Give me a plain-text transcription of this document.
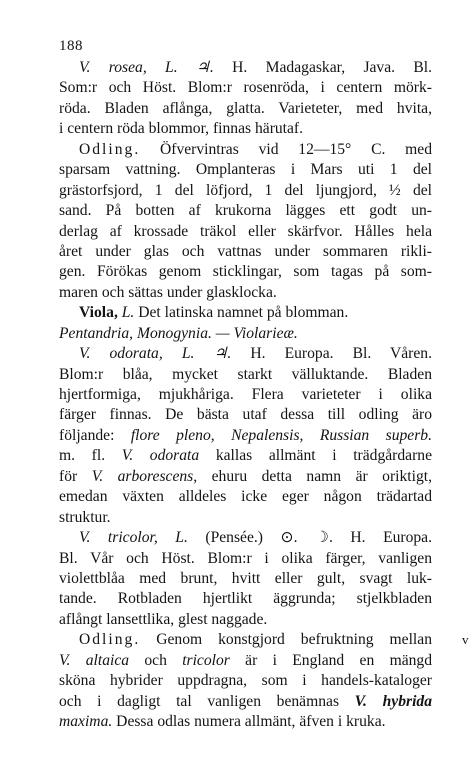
188
v
V. rosea, L. ♃. H. Madagaskar, Java. Bl.
Som:r och Höst. Blom:r rosenröda, i centern mörk-
röda. Bladen aflånga, glatta. Varieteter, med hvita,
i centern röda blommor, finnas härutaf.
Odling. Öfvervintras vid 12—15° C. med
sparsam vattning. Omplanteras i Mars uti 1 del
grästorfsjord, 1 del löfjord, 1 del ljungjord, ½ del
sand. På botten af krukorna lägges ett godt un-
derlag af krossade träkol eller skärfvor. Hålles hela
året under glas och vattnas under sommaren rikli-
gen. Förökas genom sticklingar, som tagas på som-
maren och sättas under glasklocka.
Viola, L. Det latinska namnet på blomman.
Pentandria, Monogynia. — Violarieæ.
V. odorata, L. ♃. H. Europa. Bl. Våren.
Blom:r blåa, mycket starkt välluktande. Bladen
hjertformiga, mjukhåriga. Flera varieteter i olika
färger finnas. De bästa utaf dessa till odling äro
följande: flore pleno, Nepalensis, Russian superb.
m. fl. V. odorata kallas allmänt i trädgårdarne
för V. arborescens, ehuru detta namn är oriktigt,
emedan växten alldeles icke eger någon trädartad
struktur.
V. tricolor, L. (Pensée.) ⊙. ☽. H. Europa.
Bl. Vår och Höst. Blom:r i olika färger, vanligen
violettblåa med brunt, hvitt eller gult, svagt luk-
tande. Rotbladen hjertlikt äggrunda; stjelkbladen
aflångt lansettlika, glest naggade.
Odling. Genom konstgjord befruktning mellan
V. altaica och tricolor är i England en mängd
sköna hybrider uppdragna, som i handels-kataloger
och i dagligt tal vanligen benämnas V. hybrida
maxima. Dessa odlas numera allmänt, äfven i kruka.
